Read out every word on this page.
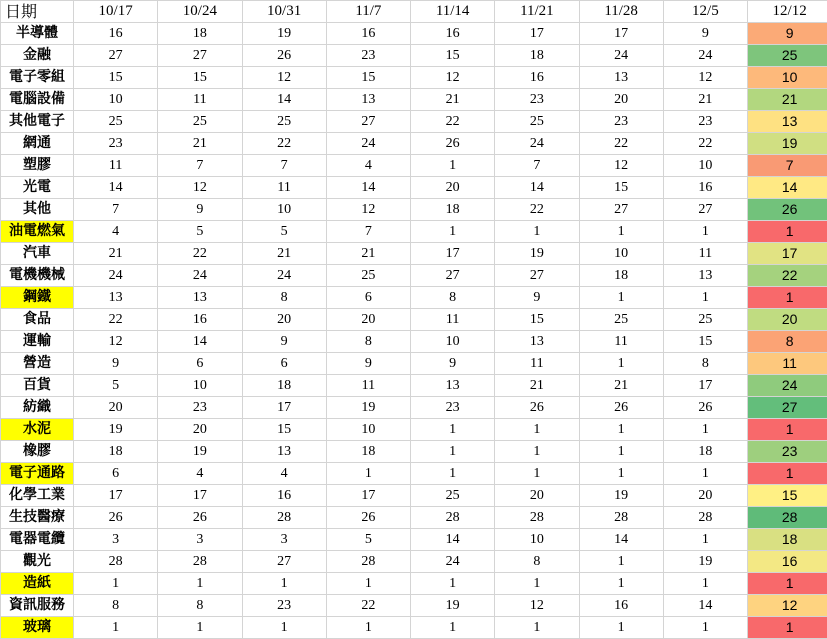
日期	10/17	10/24	10/31	11/7	11/14	11/21	11/28	12/5	12/12
半導體	16	18	19	16	16	17	17	9	9
金融	27	27	26	23	15	18	24	24	25
電子零組	15	15	12	15	12	16	13	12	10
電腦設備	10	11	14	13	21	23	20	21	21
其他電子	25	25	25	27	22	25	23	23	13
網通	23	21	22	24	26	24	22	22	19
塑膠	11	7	7	4	1	7	12	10	7
光電	14	12	11	14	20	14	15	16	14
其他	7	9	10	12	18	22	27	27	26
油電燃氣	4	5	5	7	1	1	1	1	1
汽車	21	22	21	21	17	19	10	11	17
電機機械	24	24	24	25	27	27	18	13	22
鋼鐵	13	13	8	6	8	9	1	1	1
食品	22	16	20	20	11	15	25	25	20
運輸	12	14	9	8	10	13	11	15	8
營造	9	6	6	9	9	11	1	8	11
百貨	5	10	18	11	13	21	21	17	24
紡織	20	23	17	19	23	26	26	26	27
水泥	19	20	15	10	1	1	1	1	1
橡膠	18	19	13	18	1	1	1	18	23
電子通路	6	4	4	1	1	1	1	1	1
化學工業	17	17	16	17	25	20	19	20	15
生技醫療	26	26	28	26	28	28	28	28	28
電器電纜	3	3	3	5	14	10	14	1	18
觀光	28	28	27	28	24	8	1	19	16
造紙	1	1	1	1	1	1	1	1	1
資訊服務	8	8	23	22	19	12	16	14	12
玻璃	1	1	1	1	1	1	1	1	1
